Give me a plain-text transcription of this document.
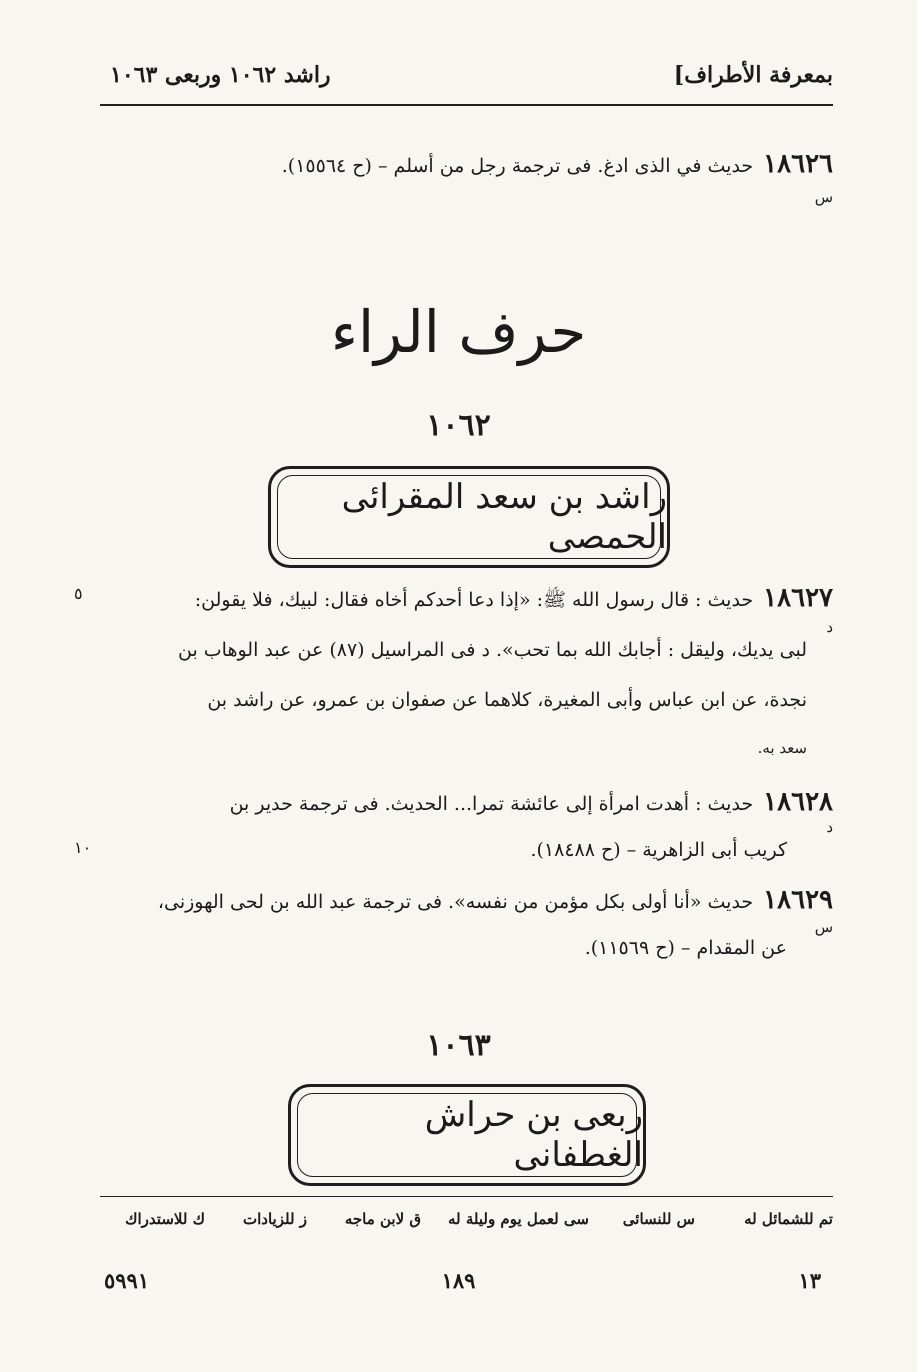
بمعرفة الأطراف]
راشد ١٠٦٢ وربعى ١٠٦٣
١٨٦٢٦حديث في الذى ادغ. فى ترجمة رجل من أسلم – (ح ١٥٥٦٤).
س
حرف الراء
١٠٦٢
راشد بن سعد المقرائى الحمصى
٥	١٨٦٢٧حديث : قال رسول الله ﷺ: «إذا دعا أحدكم أخاه فقال: لبيك، فلا يقولن:
د
لبى يديك، وليقل : أجابك الله بما تحب». د فى المراسيل (٨٧) عن عبد الوهاب بن
نجدة، عن ابن عباس وأبى المغيرة، كلاهما عن صفوان بن عمرو، عن راشد بن
سعد به.
١٨٦٢٨حديث : أهدت امرأة إلى عائشة تمرا... الحديث. فى ترجمة حدير بن
د
١٠	كريب أبى الزاهرية – (ح ١٨٤٨٨).
١٨٦٢٩حديث «أنا أولى بكل مؤمن من نفسه». فى ترجمة عبد الله بن لحى الهوزنى،
س
عن المقدام – (ح ١١٥٦٩).
١٠٦٣
ربعى بن حراش الغطفانى
تم للشمائل له
س للنسائى
سى لعمل يوم وليلة له
ق لابن ماجه
ز للزيادات
ك للاستدراك
١٣
١٨٩
٥٩٩١
